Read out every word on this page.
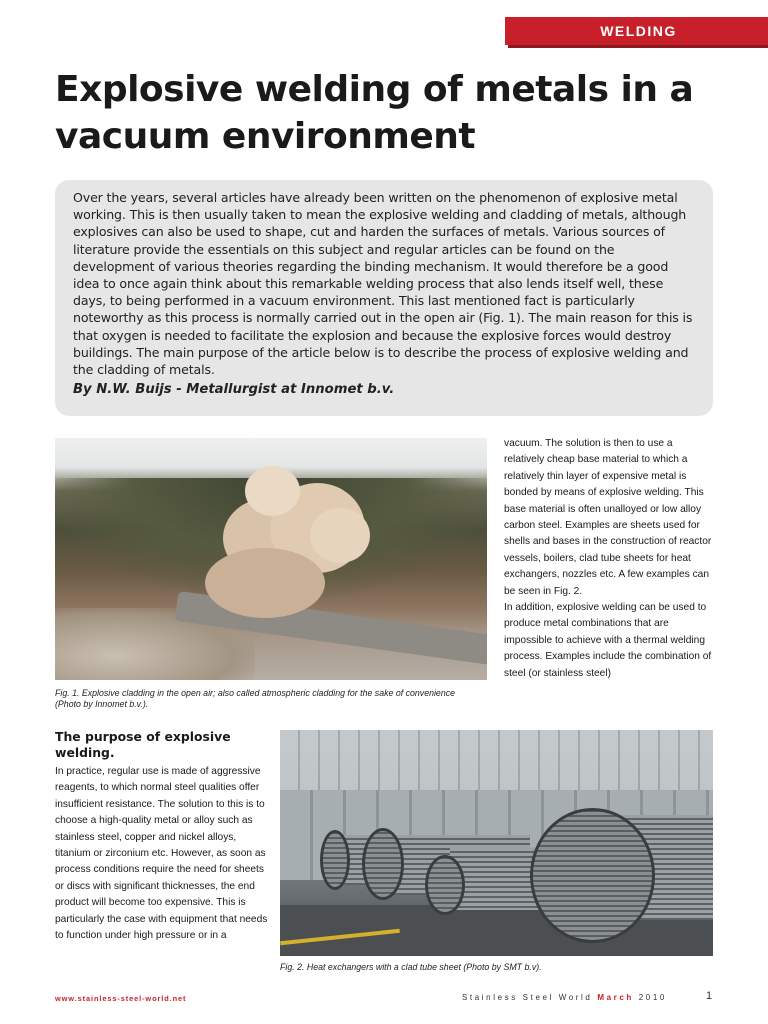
WELDING
Explosive welding of metals in a vacuum environment

Over the years, several articles have already been written on the phenomenon of explosive metal working. This is then usually taken to mean the explosive welding and cladding of metals, although explosives can also be used to shape, cut and harden the surfaces of metals. Various sources of literature provide the essentials on this subject and regular articles can be found on the development of various theories regarding the binding mechanism. It would therefore be a good idea to once again think about this remarkable welding process that also lends itself well, these days, to being performed in a vacuum environment. This last mentioned fact is particularly noteworthy as this process is normally carried out in the open air (Fig. 1). The main reason for this is that oxygen is needed to facilitate the explosion and because the explosive forces would destroy buildings. The main purpose of the article below is to describe the process of explosive welding and the cladding of metals.

By N.W. Buijs - Metallurgist at Innomet b.v.

Fig. 1. Explosive cladding in the open air; also called atmospheric cladding for the sake of convenience (Photo by Innomet b.v.).

vacuum. The solution is then to use a relatively cheap base material to which a relatively thin layer of expensive metal is bonded by means of explosive welding. This base material is often unalloyed or low alloy carbon steel. Examples are sheets used for shells and bases in the construction of reactor vessels, boilers, clad tube sheets for heat exchangers, nozzles etc. A few examples can be seen in Fig. 2.

In addition, explosive welding can be used to produce metal combinations that are impossible to achieve with a thermal welding process. Examples include the combination of steel (or stainless steel)

The purpose of explosive welding.

In practice, regular use is made of aggressive reagents, to which normal steel qualities offer insufficient resistance. The solution to this is to choose a high-quality metal or alloy such as stainless steel, copper and nickel alloys, titanium or zirconium etc. However, as soon as process conditions require the need for sheets or discs with significant thicknesses, the end product will become too expensive. This is particularly the case with equipment that needs to function under high pressure or in a

Fig. 2. Heat exchangers with a clad tube sheet (Photo by SMT b.v).

www.stainless-steel-world.net	Stainless Steel World March 2010	1
